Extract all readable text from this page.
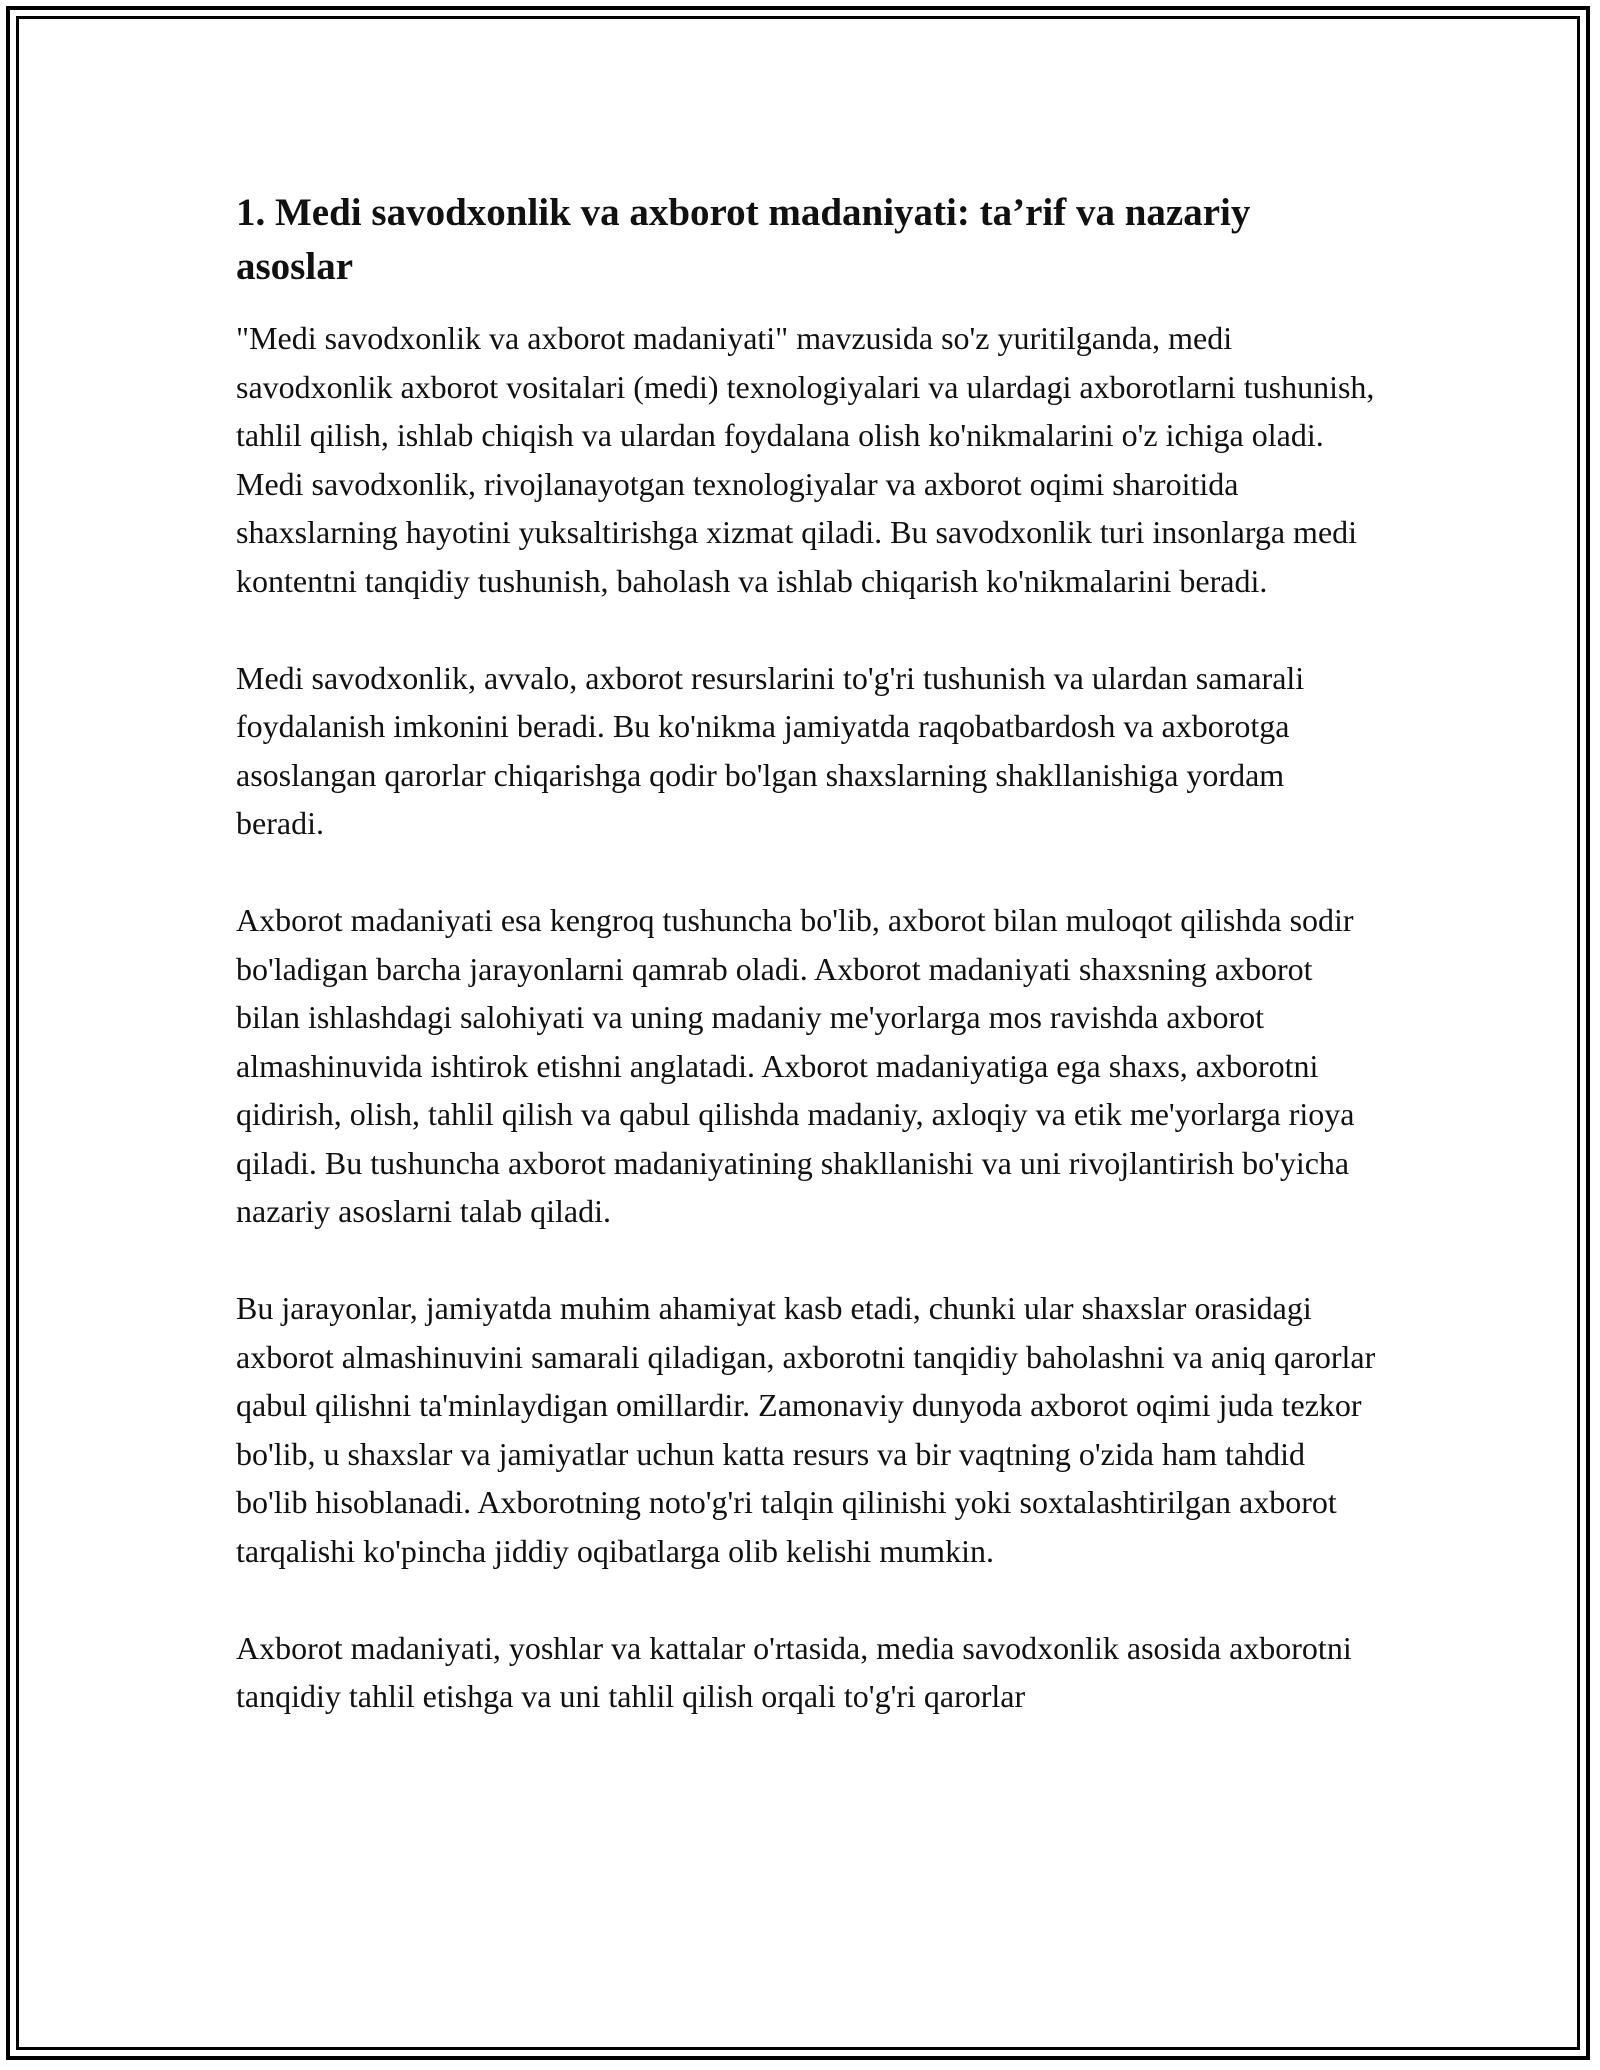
1. Medi savodxonlik va axborot madaniyati: ta’rif va nazariy asoslar

"Medi savodxonlik va axborot madaniyati" mavzusida so'z yuritilganda, medi savodxonlik axborot vositalari (medi) texnologiyalari va ulardagi axborotlarni tushunish, tahlil qilish, ishlab chiqish va ulardan foydalana olish ko'nikmalarini o'z ichiga oladi. Medi savodxonlik, rivojlanayotgan texnologiyalar va axborot oqimi sharoitida shaxslarning hayotini yuksaltirishga xizmat qiladi. Bu savodxonlik turi insonlarga medi kontentni tanqidiy tushunish, baholash va ishlab chiqarish ko'nikmalarini beradi.

Medi savodxonlik, avvalo, axborot resurslarini to'g'ri tushunish va ulardan samarali foydalanish imkonini beradi. Bu ko'nikma jamiyatda raqobatbardosh va axborotga asoslangan qarorlar chiqarishga qodir bo'lgan shaxslarning shakllanishiga yordam beradi.

Axborot madaniyati esa kengroq tushuncha bo'lib, axborot bilan muloqot qilishda sodir bo'ladigan barcha jarayonlarni qamrab oladi. Axborot madaniyati shaxsning axborot bilan ishlashdagi salohiyati va uning madaniy me'yorlarga mos ravishda axborot almashinuvida ishtirok etishni anglatadi. Axborot madaniyatiga ega shaxs, axborotni qidirish, olish, tahlil qilish va qabul qilishda madaniy, axloqiy va etik me'yorlarga rioya qiladi. Bu tushuncha axborot madaniyatining shakllanishi va uni rivojlantirish bo'yicha nazariy asoslarni talab qiladi.

Bu jarayonlar, jamiyatda muhim ahamiyat kasb etadi, chunki ular shaxslar orasidagi axborot almashinuvini samarali qiladigan, axborotni tanqidiy baholashni va aniq qarorlar qabul qilishni ta'minlaydigan omillardir. Zamonaviy dunyoda axborot oqimi juda tezkor bo'lib, u shaxslar va jamiyatlar uchun katta resurs va bir vaqtning o'zida ham tahdid bo'lib hisoblanadi. Axborotning noto'g'ri talqin qilinishi yoki soxtalashtirilgan axborot tarqalishi ko'pincha jiddiy oqibatlarga olib kelishi mumkin.

Axborot madaniyati, yoshlar va kattalar o'rtasida, media savodxonlik asosida axborotni tanqidiy tahlil etishga va uni tahlil qilish orqali to'g'ri qarorlar
